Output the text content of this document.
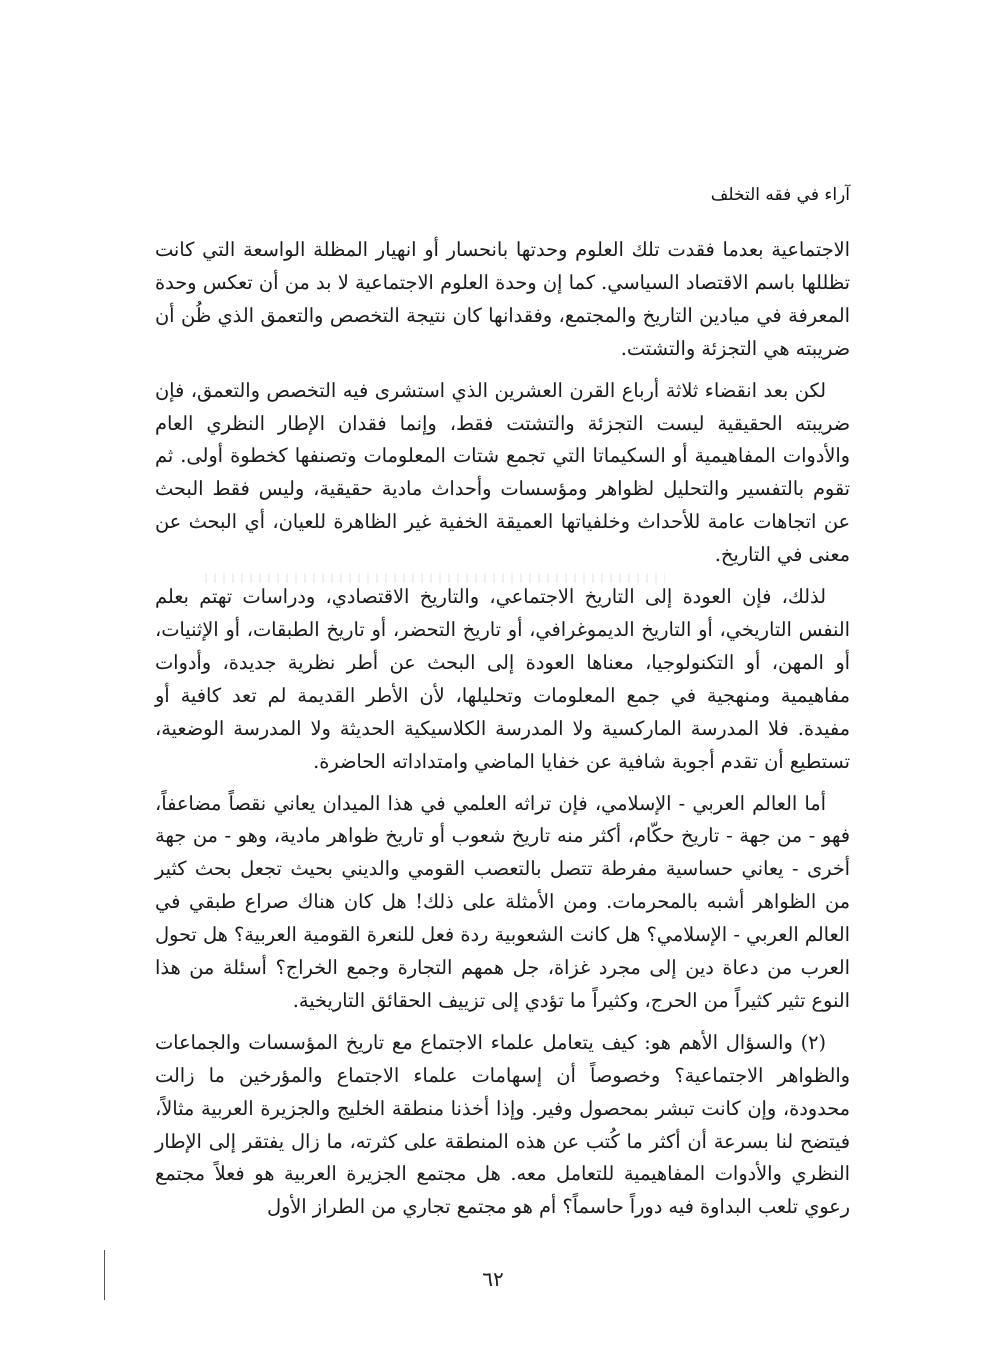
آراء في فقه التخلف

الاجتماعية بعدما فقدت تلك العلوم وحدتها بانحسار أو انهيار المظلة الواسعة التي كانت تظللها باسم الاقتصاد السياسي. كما إن وحدة العلوم الاجتماعية لا بد من أن تعكس وحدة المعرفة في ميادين التاريخ والمجتمع، وفقدانها كان نتيجة التخصص والتعمق الذي ظُن أن ضريبته هي التجزئة والتشتت.

لكن بعد انقضاء ثلاثة أرباع القرن العشرين الذي استشرى فيه التخصص والتعمق، فإن ضريبته الحقيقية ليست التجزئة والتشتت فقط، وإنما فقدان الإطار النظري العام والأدوات المفاهيمية أو السكيماتا التي تجمع شتات المعلومات وتصنفها كخطوة أولى. ثم تقوم بالتفسير والتحليل لظواهر ومؤسسات وأحداث مادية حقيقية، وليس فقط البحث عن اتجاهات عامة للأحداث وخلفياتها العميقة الخفية غير الظاهرة للعيان، أي البحث عن معنى في التاريخ.

لذلك، فإن العودة إلى التاريخ الاجتماعي، والتاريخ الاقتصادي، ودراسات تهتم بعلم النفس التاريخي، أو التاريخ الديموغرافي، أو تاريخ التحضر، أو تاريخ الطبقات، أو الإثنيات، أو المهن، أو التكنولوجيا، معناها العودة إلى البحث عن أطر نظرية جديدة، وأدوات مفاهيمية ومنهجية في جمع المعلومات وتحليلها، لأن الأطر القديمة لم تعد كافية أو مفيدة. فلا المدرسة الماركسية ولا المدرسة الكلاسيكية الحديثة ولا المدرسة الوضعية، تستطيع أن تقدم أجوبة شافية عن خفايا الماضي وامتداداته الحاضرة.

أما العالم العربي - الإسلامي، فإن تراثه العلمي في هذا الميدان يعاني نقصاً مضاعفاً، فهو - من جهة - تاريخ حكّام، أكثر منه تاريخ شعوب أو تاريخ ظواهر مادية، وهو - من جهة أخرى - يعاني حساسية مفرطة تتصل بالتعصب القومي والديني بحيث تجعل بحث كثير من الظواهر أشبه بالمحرمات. ومن الأمثلة على ذلك! هل كان هناك صراع طبقي في العالم العربي - الإسلامي؟ هل كانت الشعوبية ردة فعل للنعرة القومية العربية؟ هل تحول العرب من دعاة دين إلى مجرد غزاة، جل همهم التجارة وجمع الخراج؟ أسئلة من هذا النوع تثير كثيراً من الحرج، وكثيراً ما تؤدي إلى تزييف الحقائق التاريخية.

(٢) والسؤال الأهم هو: كيف يتعامل علماء الاجتماع مع تاريخ المؤسسات والجماعات والظواهر الاجتماعية؟ وخصوصاً أن إسهامات علماء الاجتماع والمؤرخين ما زالت محدودة، وإن كانت تبشر بمحصول وفير. وإذا أخذنا منطقة الخليج والجزيرة العربية مثالاً، فيتضح لنا بسرعة أن أكثر ما كُتب عن هذه المنطقة على كثرته، ما زال يفتقر إلى الإطار النظري والأدوات المفاهيمية للتعامل معه. هل مجتمع الجزيرة العربية هو فعلاً مجتمع رعوي تلعب البداوة فيه دوراً حاسماً؟ أم هو مجتمع تجاري من الطراز الأول

٦٢
